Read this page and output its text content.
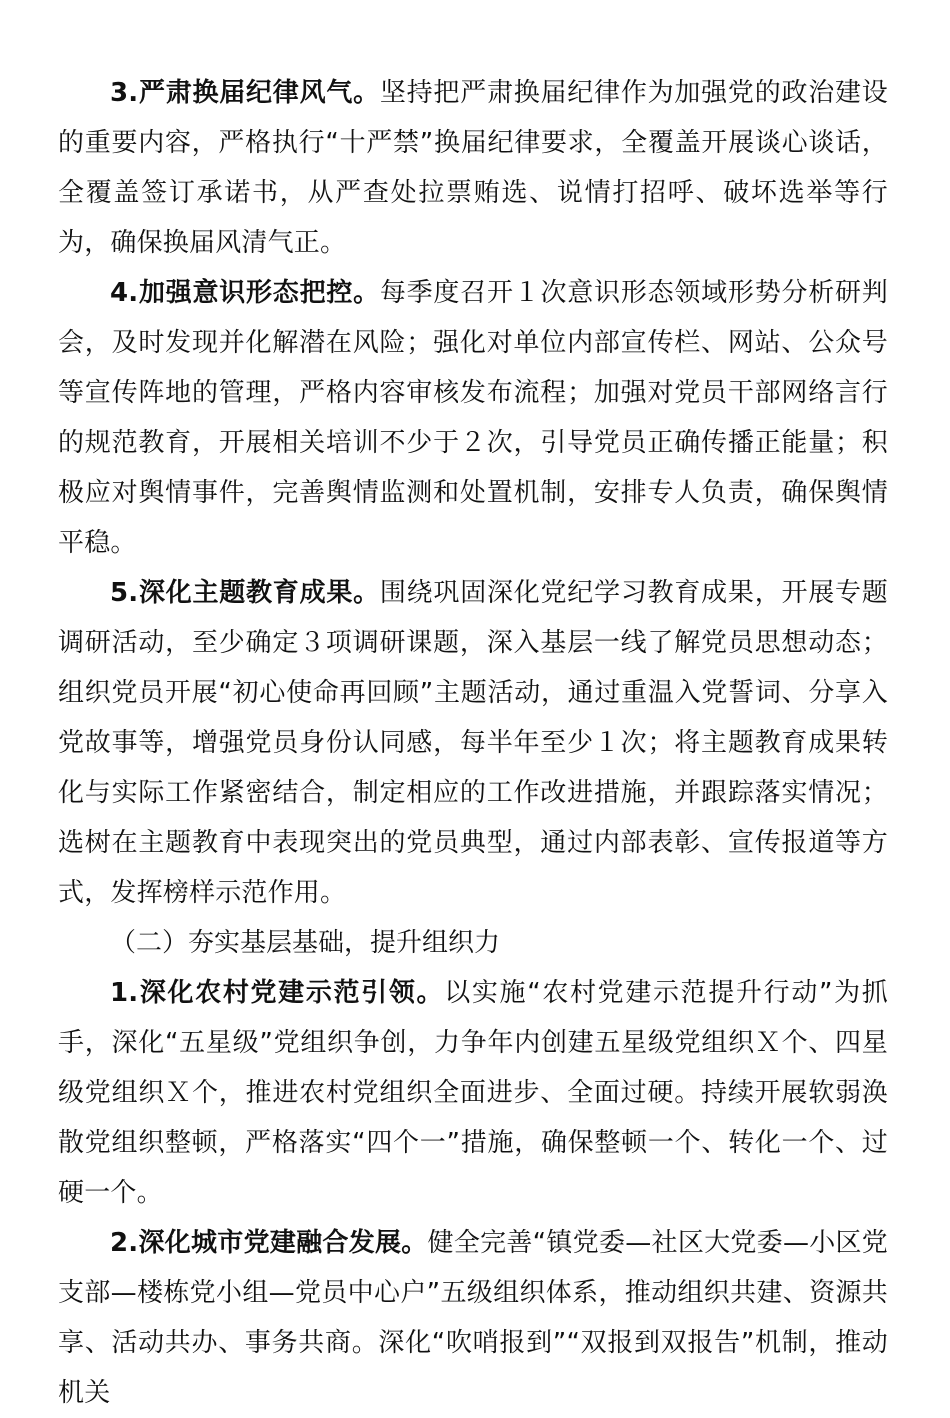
3.严肃换届纪律风气。坚持把严肃换届纪律作为加强党的政治建设的重要内容，严格执行“十严禁”换届纪律要求，全覆盖开展谈心谈话，全覆盖签订承诺书，从严查处拉票贿选、说情打招呼、破坏选举等行为，确保换届风清气正。

4.加强意识形态把控。每季度召开１次意识形态领域形势分析研判会，及时发现并化解潜在风险；强化对单位内部宣传栏、网站、公众号等宣传阵地的管理，严格内容审核发布流程；加强对党员干部网络言行的规范教育，开展相关培训不少于２次，引导党员正确传播正能量；积极应对舆情事件，完善舆情监测和处置机制，安排专人负责，确保舆情平稳。

5.深化主题教育成果。围绕巩固深化党纪学习教育成果，开展专题调研活动，至少确定３项调研课题，深入基层一线了解党员思想动态；组织党员开展“初心使命再回顾”主题活动，通过重温入党誓词、分享入党故事等，增强党员身份认同感，每半年至少１次；将主题教育成果转化与实际工作紧密结合，制定相应的工作改进措施，并跟踪落实情况；选树在主题教育中表现突出的党员典型，通过内部表彰、宣传报道等方式，发挥榜样示范作用。

（二）夯实基层基础，提升组织力

1.深化农村党建示范引领。以实施“农村党建示范提升行动”为抓手，深化“五星级”党组织争创，力争年内创建五星级党组织Ｘ个、四星级党组织Ｘ个，推进农村党组织全面进步、全面过硬。持续开展软弱涣散党组织整顿，严格落实“四个一”措施，确保整顿一个、转化一个、过硬一个。

2.深化城市党建融合发展。健全完善“镇党委—社区大党委—小区党支部—楼栋党小组—党员中心户”五级组织体系，推动组织共建、资源共享、活动共办、事务共商。深化“吹哨报到”“双报到双报告”机制，推动机关
